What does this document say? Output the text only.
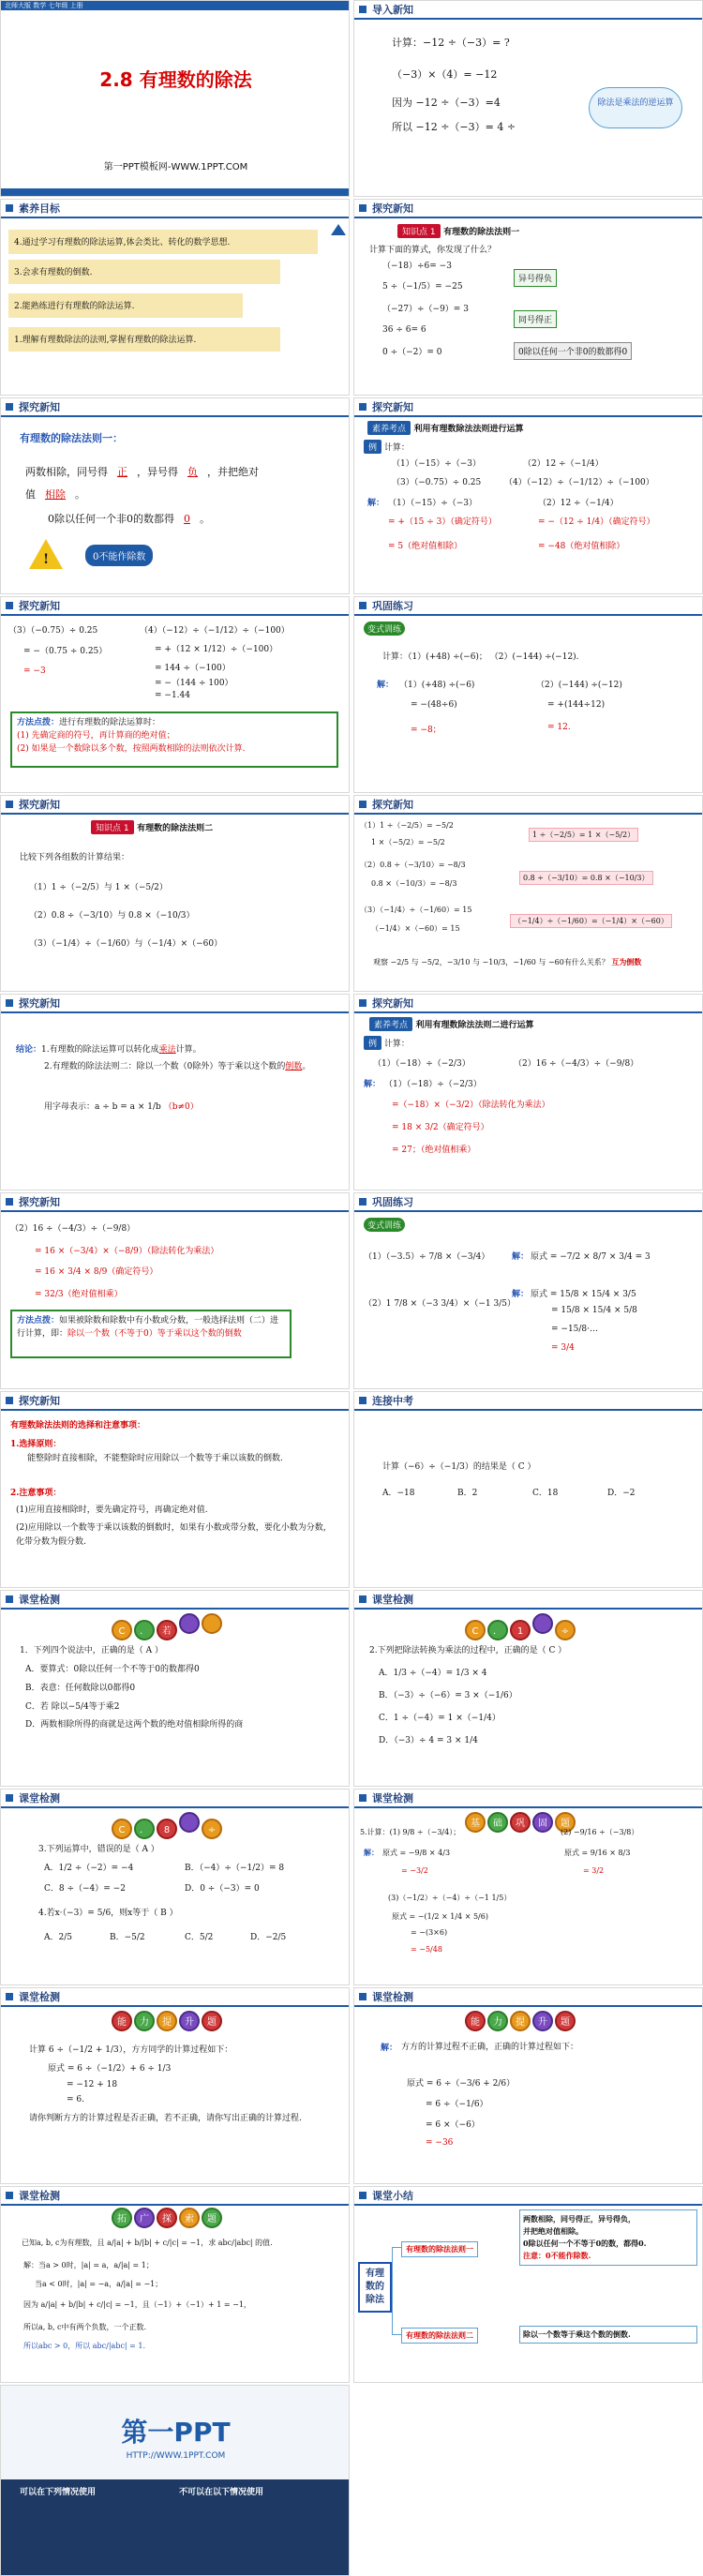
北师大版 数学 七年级 上册
2.8 有理数的除法
第一PPT模板网-WWW.1PPT.COM
导入新知
计算：−12 ÷（−3）= ?
（−3）×（4）= −12
因为 −12 ÷（−3）=4
所以 −12 ÷（−3）= 4 ÷
除法是乘法的逆运算
素养目标
4.通过学习有理数的除法运算,体会类比、转化的数学思想.
3.会求有理数的倒数.
2.能熟练进行有理数的除法运算.
1.理解有理数除法的法则,掌握有理数的除法运算.
探究新知
知识点 1 有理数的除法法则一
计算下面的算式，你发现了什么？
（−18）÷6= −3
5 ÷（−1/5）= −25
（−27）÷（−9）= 3
36 ÷ 6= 6
0 ÷（−2）= 0
异号得负
同号得正
0除以任何一个非0的数都得0
探究新知
有理数的除法法则一：
两数相除，同号得 正 ，异号得 负 ，并把绝对
值 相除 。
0除以任何一个非0的数都得 0 。
!	0不能作除数
探究新知
素养考点 利用有理数除法法则进行运算
例 计算：
（1）（−15）÷（−3）	（2）12 ÷（−1/4）
（3）（−0.75）÷ 0.25	（4）（−12）÷（−1/12）÷（−100）
解： （1）（−15）÷（−3）
= +（15 ÷ 3）（确定符号）
= 5（绝对值相除）
（2）12 ÷（−1/4）
= −（12 ÷ 1/4）（确定符号）
= −48（绝对值相除）
探究新知
（3）（−0.75）÷ 0.25
= −（0.75 ÷ 0.25）
= −3
（4）（−12）÷（−1/12）÷（−100）
= +（12 × 1/12）÷（−100）
= 144 ÷（−100）
= −（144 ÷ 100）
= −1.44
方法点拨：进行有理数的除法运算时：
(1) 先确定商的符号，再计算商的绝对值；
(2) 如果是一个数除以多个数，按照两数相除的法则依次计算.
巩固练习
变式训练
计算：（1）(+48) ÷(−6)； （2）(−144) ÷(−12).
解： （1）(+48) ÷(−6)
= −(48÷6)
= −8；
（2）(−144) ÷(−12)
= +(144÷12)
= 12.
探究新知
知识点 1 有理数的除法法则二
比较下列各组数的计算结果：
（1）1 ÷（−2/5）与 1 ×（−5/2）
（2）0.8 ÷（−3/10）与 0.8 ×（−10/3）
（3）（−1/4）÷（−1/60）与（−1/4）×（−60）
探究新知
（1）1 ÷（−2/5）= −5/2
1 ×（−5/2）= −5/2
（2）0.8 ÷（−3/10）= −8/3
0.8 ×（−10/3）= −8/3
（3）（−1/4）÷（−1/60）= 15
（−1/4）×（−60）= 15
1 ÷（−2/5）= 1 ×（−5/2）
0.8 ÷（−3/10）= 0.8 ×（−10/3）
（−1/4）÷（−1/60）=（−1/4）×（−60）
观察 −2/5 与 −5/2，−3/10 与 −10/3，−1/60 与 −60有什么关系？ 互为倒数
探究新知
结论：1.有理数的除法运算可以转化成乘法计算。
2.有理数的除法法则二：除以一个数（0除外）等于乘以这个数的倒数。
用字母表示：a ÷ b = a × 1/b （b≠0）
探究新知
素养考点 利用有理数除法法则二进行运算
例 计算：
（1）（−18）÷（−2/3）	（2）16 ÷（−4/3）÷（−9/8）
解： （1）（−18）÷（−2/3）
=（−18）×（−3/2）（除法转化为乘法）
= 18 × 3/2（确定符号）
= 27；（绝对值相乘）
探究新知
（2）16 ÷（−4/3）÷（−9/8）
= 16 ×（−3/4）×（−8/9）（除法转化为乘法）
= 16 × 3/4 × 8/9（确定符号）
= 32/3（绝对值相乘）
方法点拨：如果被除数和除数中有小数或分数，一般选择法则（二）进行计算，即：除以一个数（不等于0）等于乘以这个数的倒数
巩固练习
变式训练
（1）（−3.5）÷ 7/8 ×（−3/4）	解： 原式 = −7/2 × 8/7 × 3/4 = 3
（2）1 7/8 ×（−3 3/4）×（−1 3/5）
解： 原式 = 15/8 × 15/4 × 3/5
= 15/8 × 15/4 × 5/8
= −15/8·…
= 3/4
探究新知
有理数除法法则的选择和注意事项：
1.选择原则：
能整除时直接相除，不能整除时应用除以一个数等于乘以该数的倒数.
2.注意事项：
(1)应用直接相除时，要先确定符号，再确定绝对值.
(2)应用除以一个数等于乘以该数的倒数时，如果有小数或带分数，要化小数为分数，化带分数为假分数.
连接中考
计算（−6）÷（−1/3）的结果是（ C ）
A．−18	B．2	C．18	D．−2
课堂检测
C ． 若
1．下列四个说法中，正确的是（ A ）
A．要算式：0除以任何一个不等于0的数都得0
B．表意：任何数除以0都得0
C．若 除以−5/4等于乘2
D．两数相除所得的商就是这两个数的绝对值相除所得的商
课堂检测
C ． 1	÷
2.下列把除法转换为乘法的过程中，正确的是（ C ）
A．1/3 ÷（−4）= 1/3 × 4
B．（−3）÷（−6）= 3 ×（−1/6）
C．1 ÷（−4）= 1 ×（−1/4）
D．（−3）÷ 4 = 3 × 1/4
课堂检测
C ． 8	÷
3.下列运算中，错误的是（ A ）
A．1/2 ÷（−2）= −4	B．（−4）÷（−1/2）= 8
C．8 ÷（−4）= −2	D．0 ÷（−3）= 0
4.若x·（−3）= 5/6，则x等于（ B ）
A．2/5	B．−5/2	C．5/2	D．−2/5
课堂检测
基 础 巩 固 题
5.计算：(1) 9/8 ÷（−3/4）；	(2) −9/16 ÷（−3/8）
解： 原式 = −9/8 × 4/3
= −3/2
原式 = 9/16 × 8/3
= 3/2
(3)（−1/2）÷（−4）÷（−1 1/5）
原式 = −(1/2 × 1/4 × 5/6)
= −(3×6)
= −5/48
课堂检测
能 力 提 升 题
计算 6 ÷（−1/2 + 1/3），方方同学的计算过程如下：
原式 = 6 ÷（−1/2）+ 6 ÷ 1/3
= −12 + 18
= 6.
请你判断方方的计算过程是否正确，若不正确，请你写出正确的计算过程.
课堂检测
能 力 提 升 题
解： 方方的计算过程不正确，正确的计算过程如下：
原式 = 6 ÷（−3/6 + 2/6）
= 6 ÷（−1/6）
= 6 ×（−6）
= −36
课堂检测
拓 广 探 索 题
已知a, b, c为有理数，且 a/|a| + b/|b| + c/|c| = −1，求 abc/|abc| 的值.
解：当a > 0时，|a| = a，a/|a| = 1；
当a < 0时，|a| = −a，a/|a| = −1；
因为 a/|a| + b/|b| + c/|c| = −1，且（−1）+（−1）+ 1 = −1，
所以a, b, c中有两个负数，一个正数.
所以abc > 0，所以 abc/|abc| = 1.
课堂小结
有理数的除法
有理数的除法法则一
有理数的除法法则二
两数相除，同号得正，异号得负，
并把绝对值相除。
0除以任何一个不等于0的数，都得0.
注意：0不能作除数.
除以一个数等于乘这个数的倒数.
第一PPT
HTTP://WWW.1PPT.COM
可以在下列情况使用	不可以在以下情况使用
